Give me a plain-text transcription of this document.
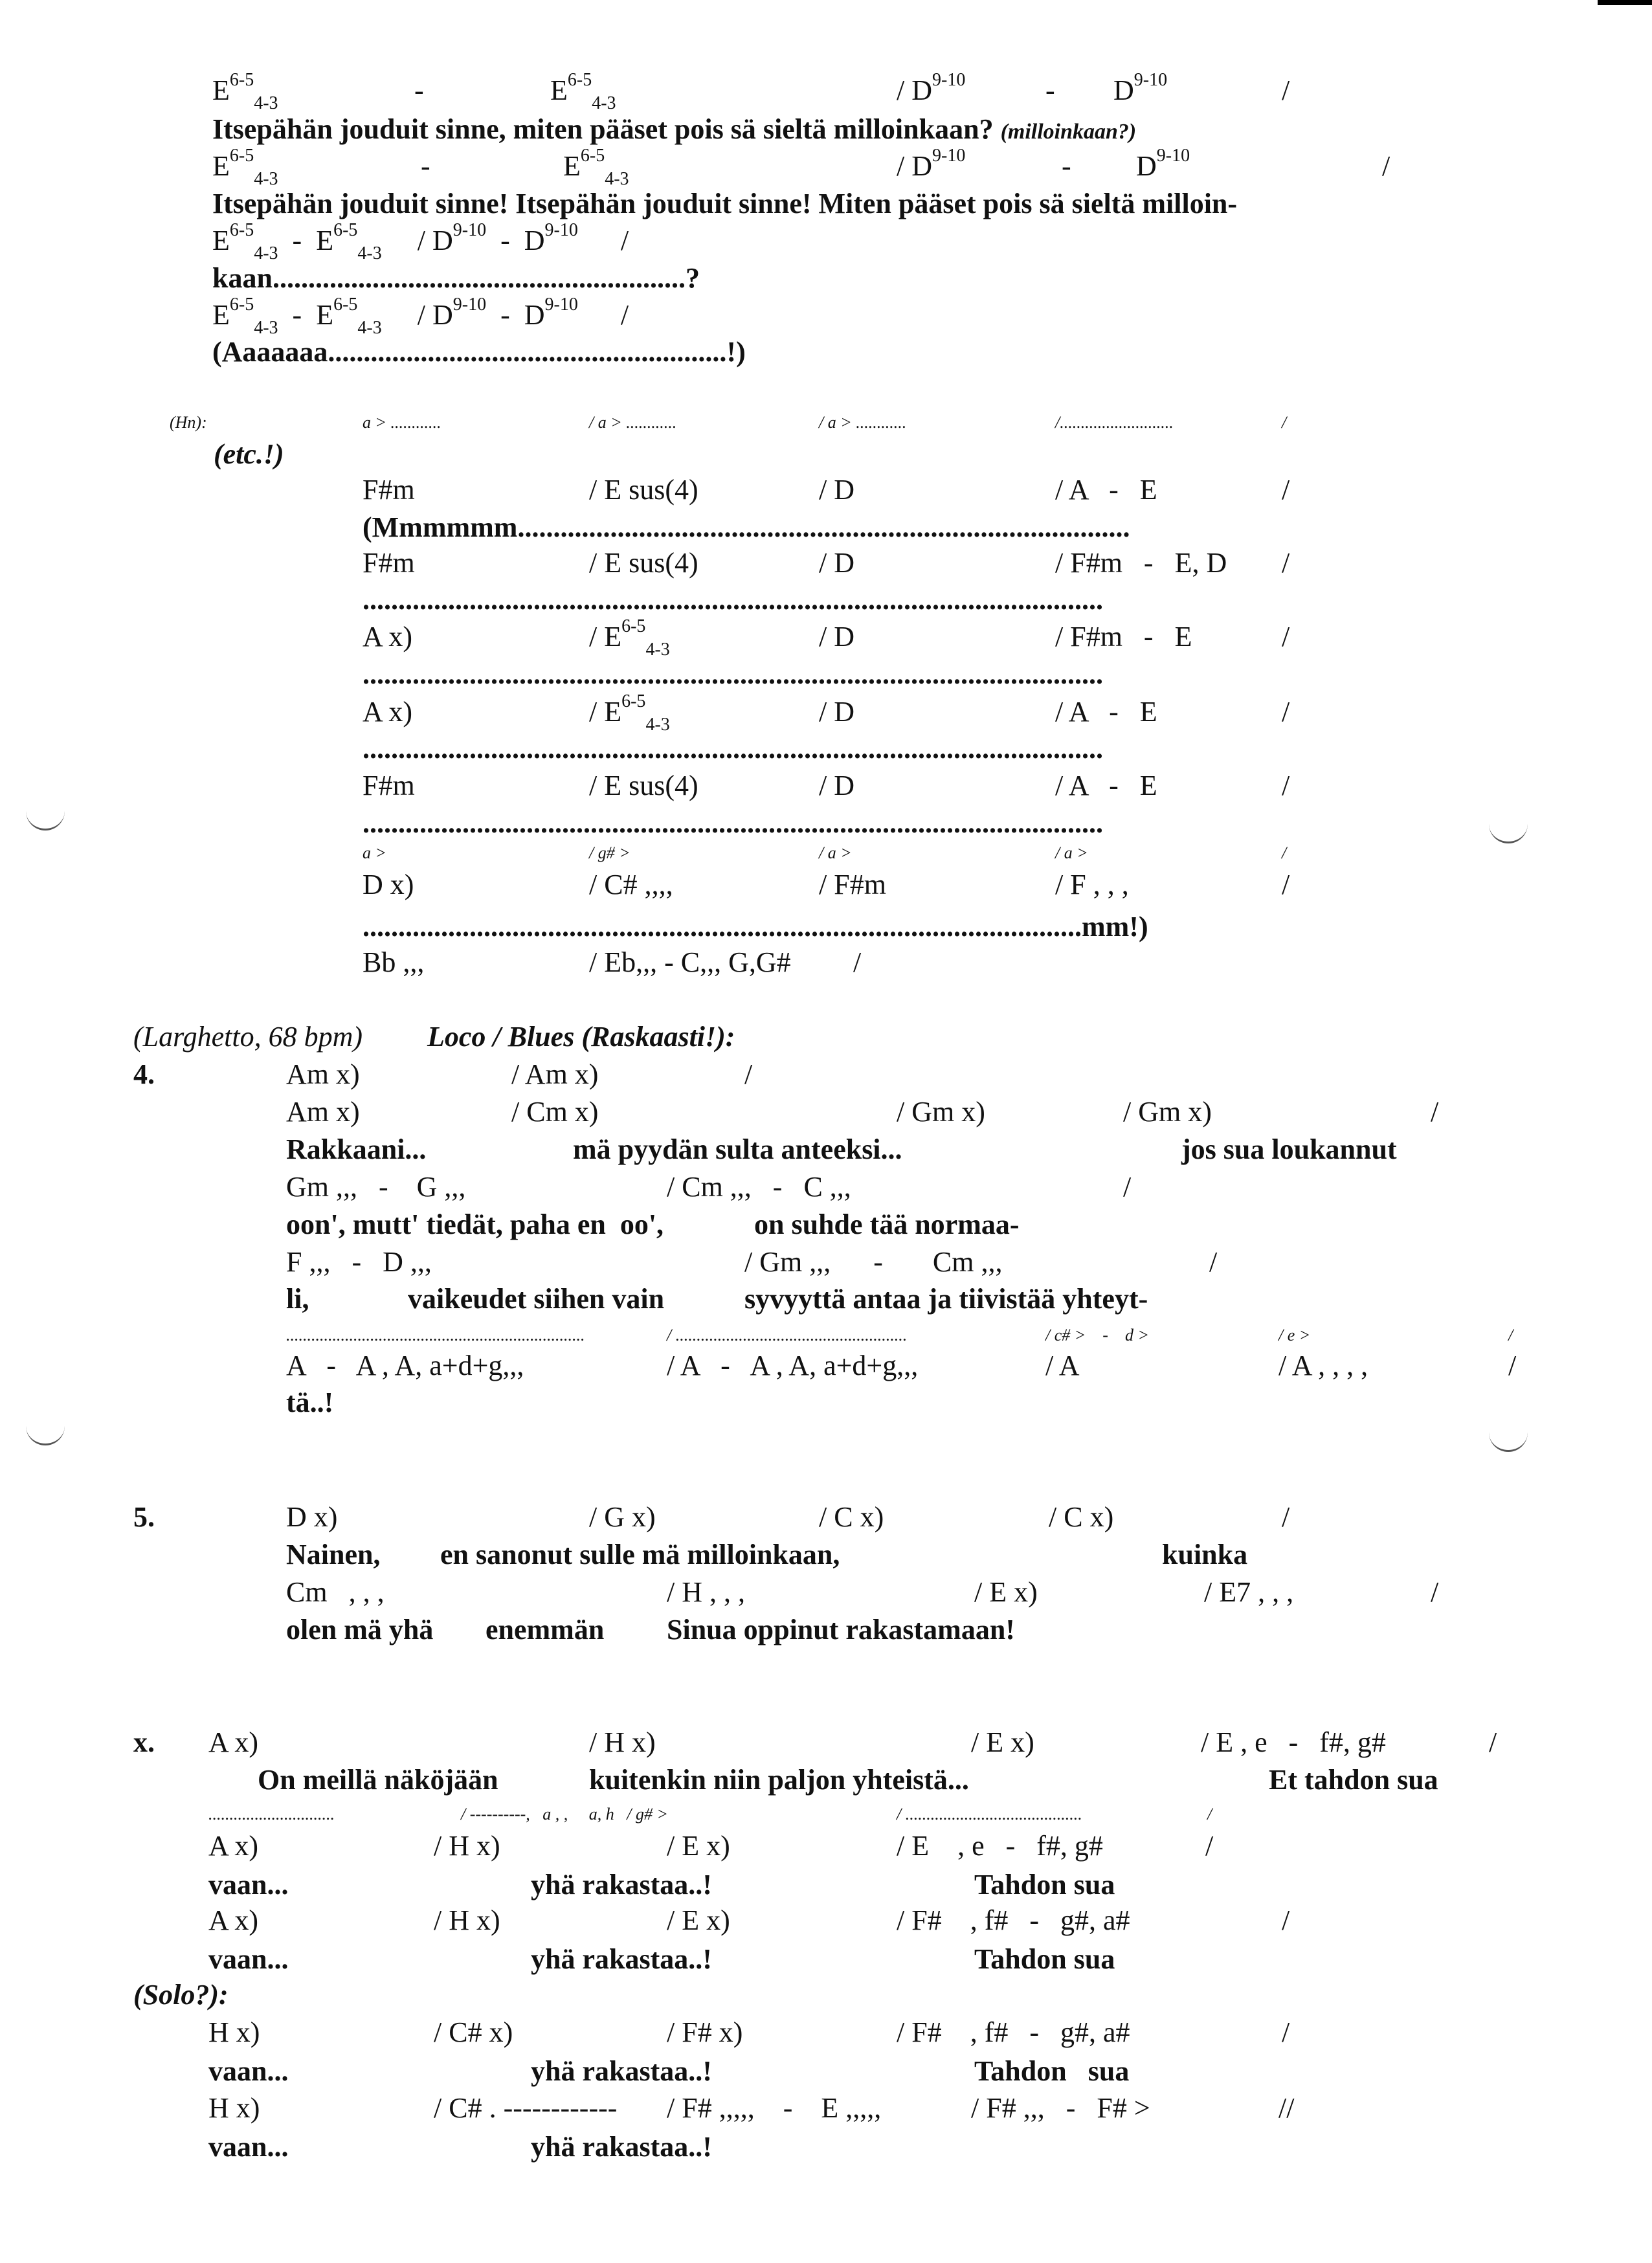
$E^{6-5}_{4-3}$	-	$E^{6-5}_{4-3}$	/ $D^{9-10}$	- $D^{9-10}$	/
Itsepähän jouduit sinne, miten pääset pois sä sieltä milloinkaan? (milloinkaan?)
$E^{6-5}_{4-3}$	-	$E^{6-5}_{4-3}$	/ $D^{9-10}$	- $D^{9-10}$	/
Itsepähän jouduit sinne! Itsepähän jouduit sinne! Miten pääset pois sä sieltä milloin-
$E^{6-5}_{4-3} - E^{6-5}_{4-3} / D^{9-10} - D^{9-10}$ /
kaan..........................................................?
$E^{6-5}_{4-3} - E^{6-5}_{4-3} / D^{9-10} - D^{9-10}$ /
(Aaaaaaa........................................................!)
(Hn):	a > ............	/ a > ............	/ a > ............	/...........................	/
(etc.!)
F#m	/ E sus(4)	/ D	/ A   -   E	/
(Mmmmmm......................................................................................
F#m	/ E sus(4)	/ D	/ F#m   -   E, D /
........................................................................................................
A x)	/ $E^{6-5}_{4-3}$	/ D	/ F#m   -   E	/
........................................................................................................
A x)	/ $E^{6-5}_{4-3}$	/ D	/ A   -   E	/
........................................................................................................
F#m	/ E sus(4)	/ D	/ A   -   E	/
........................................................................................................
a >	/ g# >	/ a >	/ a >	/
D x)	/ C# ,,,,	/ F#m	/ F , , ,	/
.....................................................................................................mm!)
Bb ,,,	/ Eb,,, - C,,, G,G# /
(Larghetto, 68 bpm) Loco / Blues (Raskaasti!):
4.	Am x)	/ Am x)	/
Am x)	/ Cm x)	/ Gm x)	/ Gm x)	/
Rakkaani...	mä pyydän sulta anteeksi...	jos sua loukannut
Gm ,,,   -    G ,,,	/ Cm ,,,   -   C ,,,	/
oon', mutt' tiedät, paha en  oo',	on suhde tää normaa-
F ,,,   -   D ,,,	/ Gm ,,,      -       Cm ,,,	/
li,	vaikeudet siihen vain	syvyyttä antaa ja tiivistää yhteyt-
.......................................................................	/ .......................................................	/ c# >    -    d >	/ e >	/
A   -   A , A, a+d+g,,,	/ A   -   A , A, a+d+g,,,	/ A	/ A , , , ,	/
tä..!
5.	D x)	/ G x)	/ C x)	/ C x)	/
Nainen, en sanonut sulle mä milloinkaan,	kuinka
Cm   , , ,	/ H , , ,	/ E x)	/ E7 , , ,	/
olen mä yhä enemmän Sinua oppinut rakastamaan!
x. A x)	/ H x)	/ E x)	/ E , e   -   f#, g#	/
On meillä näköjään	kuitenkin niin paljon yhteistä...	Et tahdon sua
..............................	/ ----------,   a , ,     a, h   / g# >	/ ..........................................	/
A x)	/ H x)	/ E x)	/ E    , e   -   f#, g#	/
vaan...	yhä rakastaa..!	Tahdon sua
A x)	/ H x)	/ E x)	/ F#    , f#   -   g#, a#	/
vaan...	yhä rakastaa..!	Tahdon sua
(Solo?):
H x)	/ C# x)	/ F# x)	/ F#    , f#   -   g#, a#	/
vaan...	yhä rakastaa..!	Tahdon   sua
H x)	/ C# . ------------ / F# ,,,,,    -    E ,,,,,	/ F# ,,,   -   F# >	//
vaan...	yhä rakastaa..!
